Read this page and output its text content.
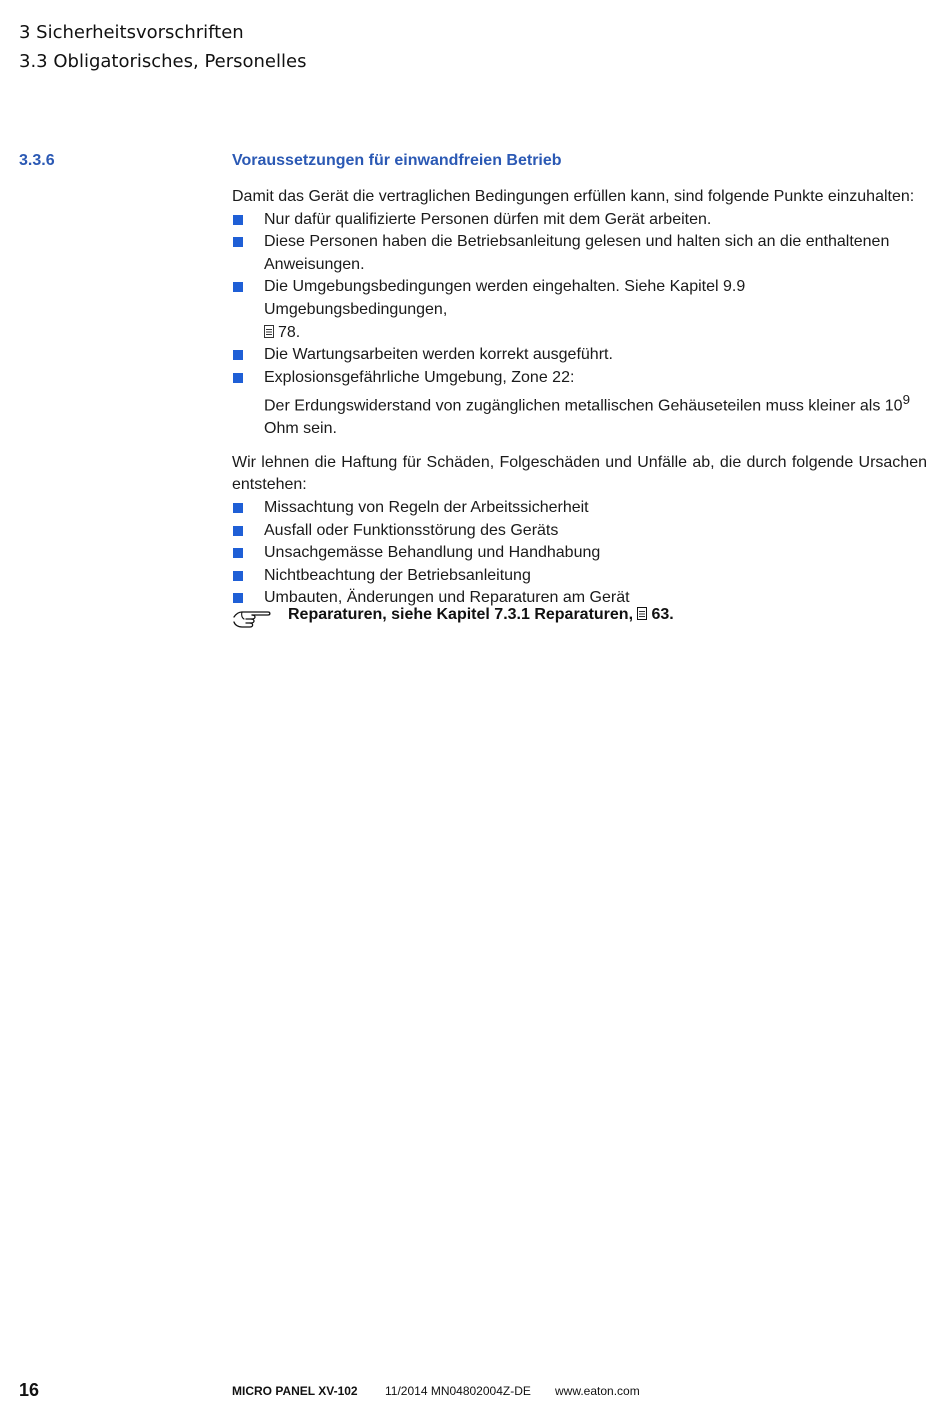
3 Sicherheitsvorschriften
3.3 Obligatorisches, Personelles
3.3.6	Voraussetzungen für einwandfreien Betrieb

Damit das Gerät die vertraglichen Bedingungen erfüllen kann, sind folgende Punkte einzuhalten:

Nur dafür qualifizierte Personen dürfen mit dem Gerät arbeiten.
Diese Personen haben die Betriebsanleitung gelesen und halten sich an die enthaltenen Anweisungen.
Die Umgebungsbedingungen werden eingehalten. Siehe Kapitel 9.9 Umgebungsbedingungen,
78.
Die Wartungsarbeiten werden korrekt ausgeführt.
Explosionsgefährliche Umgebung, Zone 22:
Der Erdungswiderstand von zugänglichen metallischen Gehäuseteilen muss kleiner als $10^9$ Ohm sein.

Wir lehnen die Haftung für Schäden, Folgeschäden und Unfälle ab, die durch folgende Ursachen entstehen:

Missachtung von Regeln der Arbeitssicherheit
Ausfall oder Funktionsstörung des Geräts
Unsachgemässe Behandlung und Handhabung
Nichtbeachtung der Betriebsanleitung
Umbauten, Änderungen und Reparaturen am Gerät
Reparaturen, siehe Kapitel 7.3.1 Reparaturen, 63.
16	MICRO PANEL XV-102 11/2014 MN04802004Z-DE www.eaton.com
